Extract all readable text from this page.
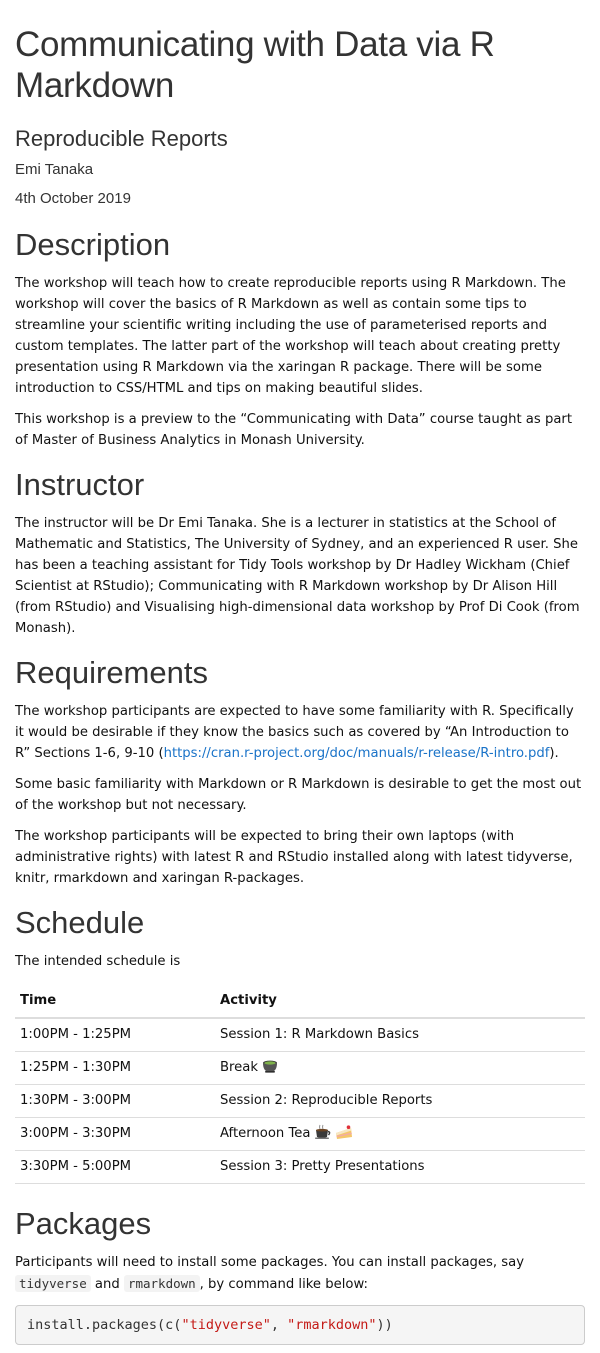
Communicating with Data via R Markdown
Reproducible Reports
Emi Tanaka
4th October 2019
Description

The workshop will teach how to create reproducible reports using R Markdown. The workshop will cover the basics of R Markdown as well as contain some tips to streamline your scientific writing including the use of parameterised reports and custom templates. The latter part of the workshop will teach about creating pretty presentation using R Markdown via the xaringan R package. There will be some introduction to CSS/HTML and tips on making beautiful slides.

This workshop is a preview to the “Communicating with Data” course taught as part of Master of Business Analytics in Monash University.

Instructor

The instructor will be Dr Emi Tanaka. She is a lecturer in statistics at the School of Mathematic and Statistics, The University of Sydney, and an experienced R user. She has been a teaching assistant for Tidy Tools workshop by Dr Hadley Wickham (Chief Scientist at RStudio); Communicating with R Markdown workshop by Dr Alison Hill (from RStudio) and Visualising high-dimensional data workshop by Prof Di Cook (from Monash).

Requirements

The workshop participants are expected to have some familiarity with R. Specifically it would be desirable if they know the basics such as covered by “An Introduction to R” Sections 1-6, 9-10 (https://cran.r-project.org/doc/manuals/r-release/R-intro.pdf).

Some basic familiarity with Markdown or R Markdown is desirable to get the most out of the workshop but not necessary.

The workshop participants will be expected to bring their own laptops (with administrative rights) with latest R and RStudio installed along with latest tidyverse, knitr, rmarkdown and xaringan R-packages.

Schedule

The intended schedule is

Time	Activity
1:00PM - 1:25PM	Session 1: R Markdown Basics
1:25PM - 1:30PM	Break
1:30PM - 3:00PM	Session 2: Reproducible Reports
3:00PM - 3:30PM	Afternoon Tea
3:30PM - 5:00PM	Session 3: Pretty Presentations
Packages

Participants will need to install some packages. You can install packages, say tidyverse and rmarkdown , by command like below:

install.packages(c("tidyverse", "rmarkdown"))
